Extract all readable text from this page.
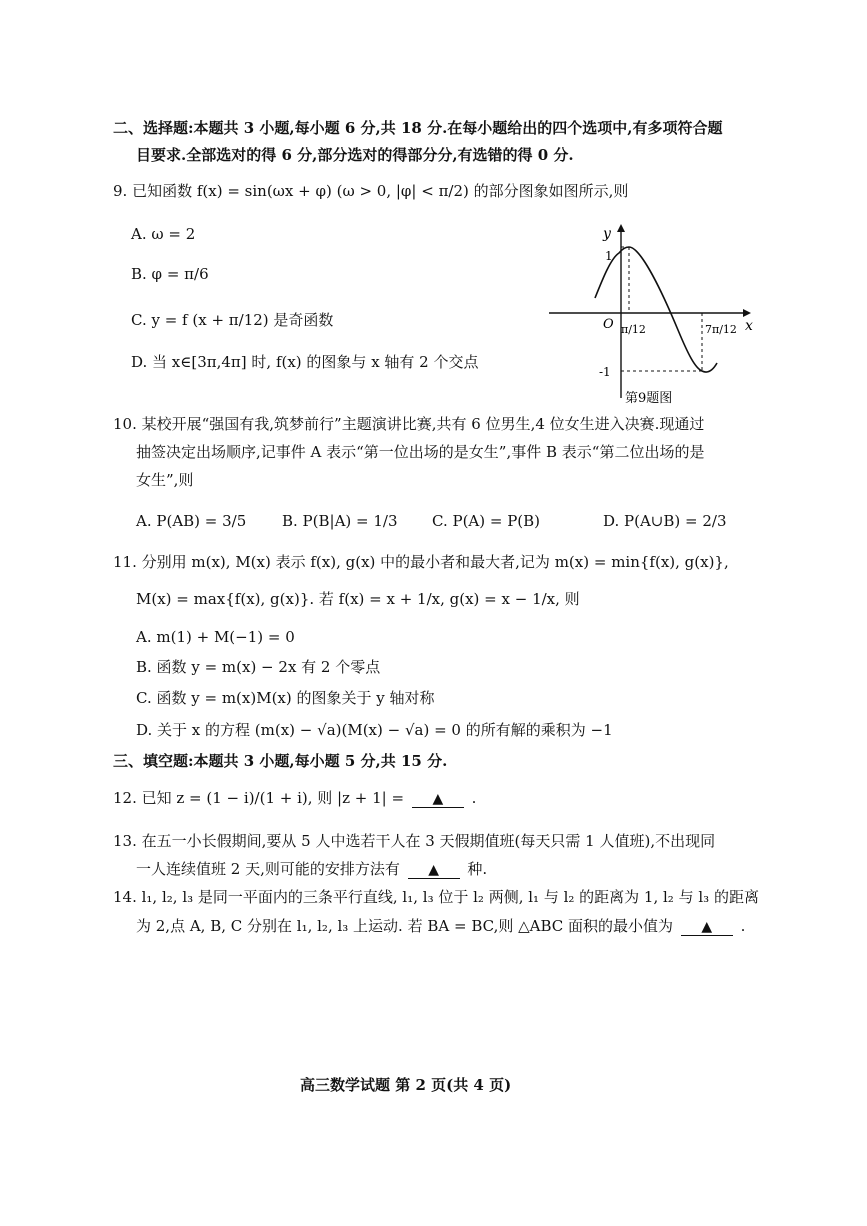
二、选择题:本题共 3 小题,每小题 6 分,共 18 分.在每小题给出的四个选项中,有多项符合题
目要求.全部选对的得 6 分,部分选对的得部分分,有选错的得 0 分.
9. 已知函数 f(x) = sin(ωx + φ) (ω > 0, |φ| < π/2) 的部分图象如图所示,则
A. ω = 2
B. φ = π/6
C. y = f (x + π/12) 是奇函数
D. 当 x∈[3π,4π] 时, f(x) 的图象与 x 轴有 2 个交点
y
x
O
1
-1
π/12	7π/12
第9题图
10. 某校开展“强国有我,筑梦前行”主题演讲比赛,共有 6 位男生,4 位女生进入决赛.现通过
抽签决定出场顺序,记事件 A 表示“第一位出场的是女生”,事件 B 表示“第二位出场的是
女生”,则
A. P(AB) = 3/5 B. P(B|A) = 1/3 C. P(A) = P(B)	D. P(A∪B) = 2/3
11. 分别用 m(x), M(x) 表示 f(x), g(x) 中的最小者和最大者,记为 m(x) = min{f(x), g(x)},
M(x) = max{f(x), g(x)}. 若 f(x) = x + 1/x, g(x) = x − 1/x, 则
A. m(1) + M(−1) = 0
B. 函数 y = m(x) − 2x 有 2 个零点
C. 函数 y = m(x)M(x) 的图象关于 y 轴对称
D. 关于 x 的方程 (m(x) − √a)(M(x) − √a) = 0 的所有解的乘积为 −1
三、填空题:本题共 3 小题,每小题 5 分,共 15 分.
12. 已知 z = (1 − i)/(1 + i), 则 |z + 1| = ▲ .
13. 在五一小长假期间,要从 5 人中选若干人在 3 天假期值班(每天只需 1 人值班),不出现同
一人连续值班 2 天,则可能的安排方法有 ▲ 种.
14. l₁, l₂, l₃ 是同一平面内的三条平行直线, l₁, l₃ 位于 l₂ 两侧, l₁ 与 l₂ 的距离为 1, l₂ 与 l₃ 的距离
为 2,点 A, B, C 分别在 l₁, l₂, l₃ 上运动. 若 BA = BC,则 △ABC 面积的最小值为 ▲ .
高三数学试题 第 2 页(共 4 页)
